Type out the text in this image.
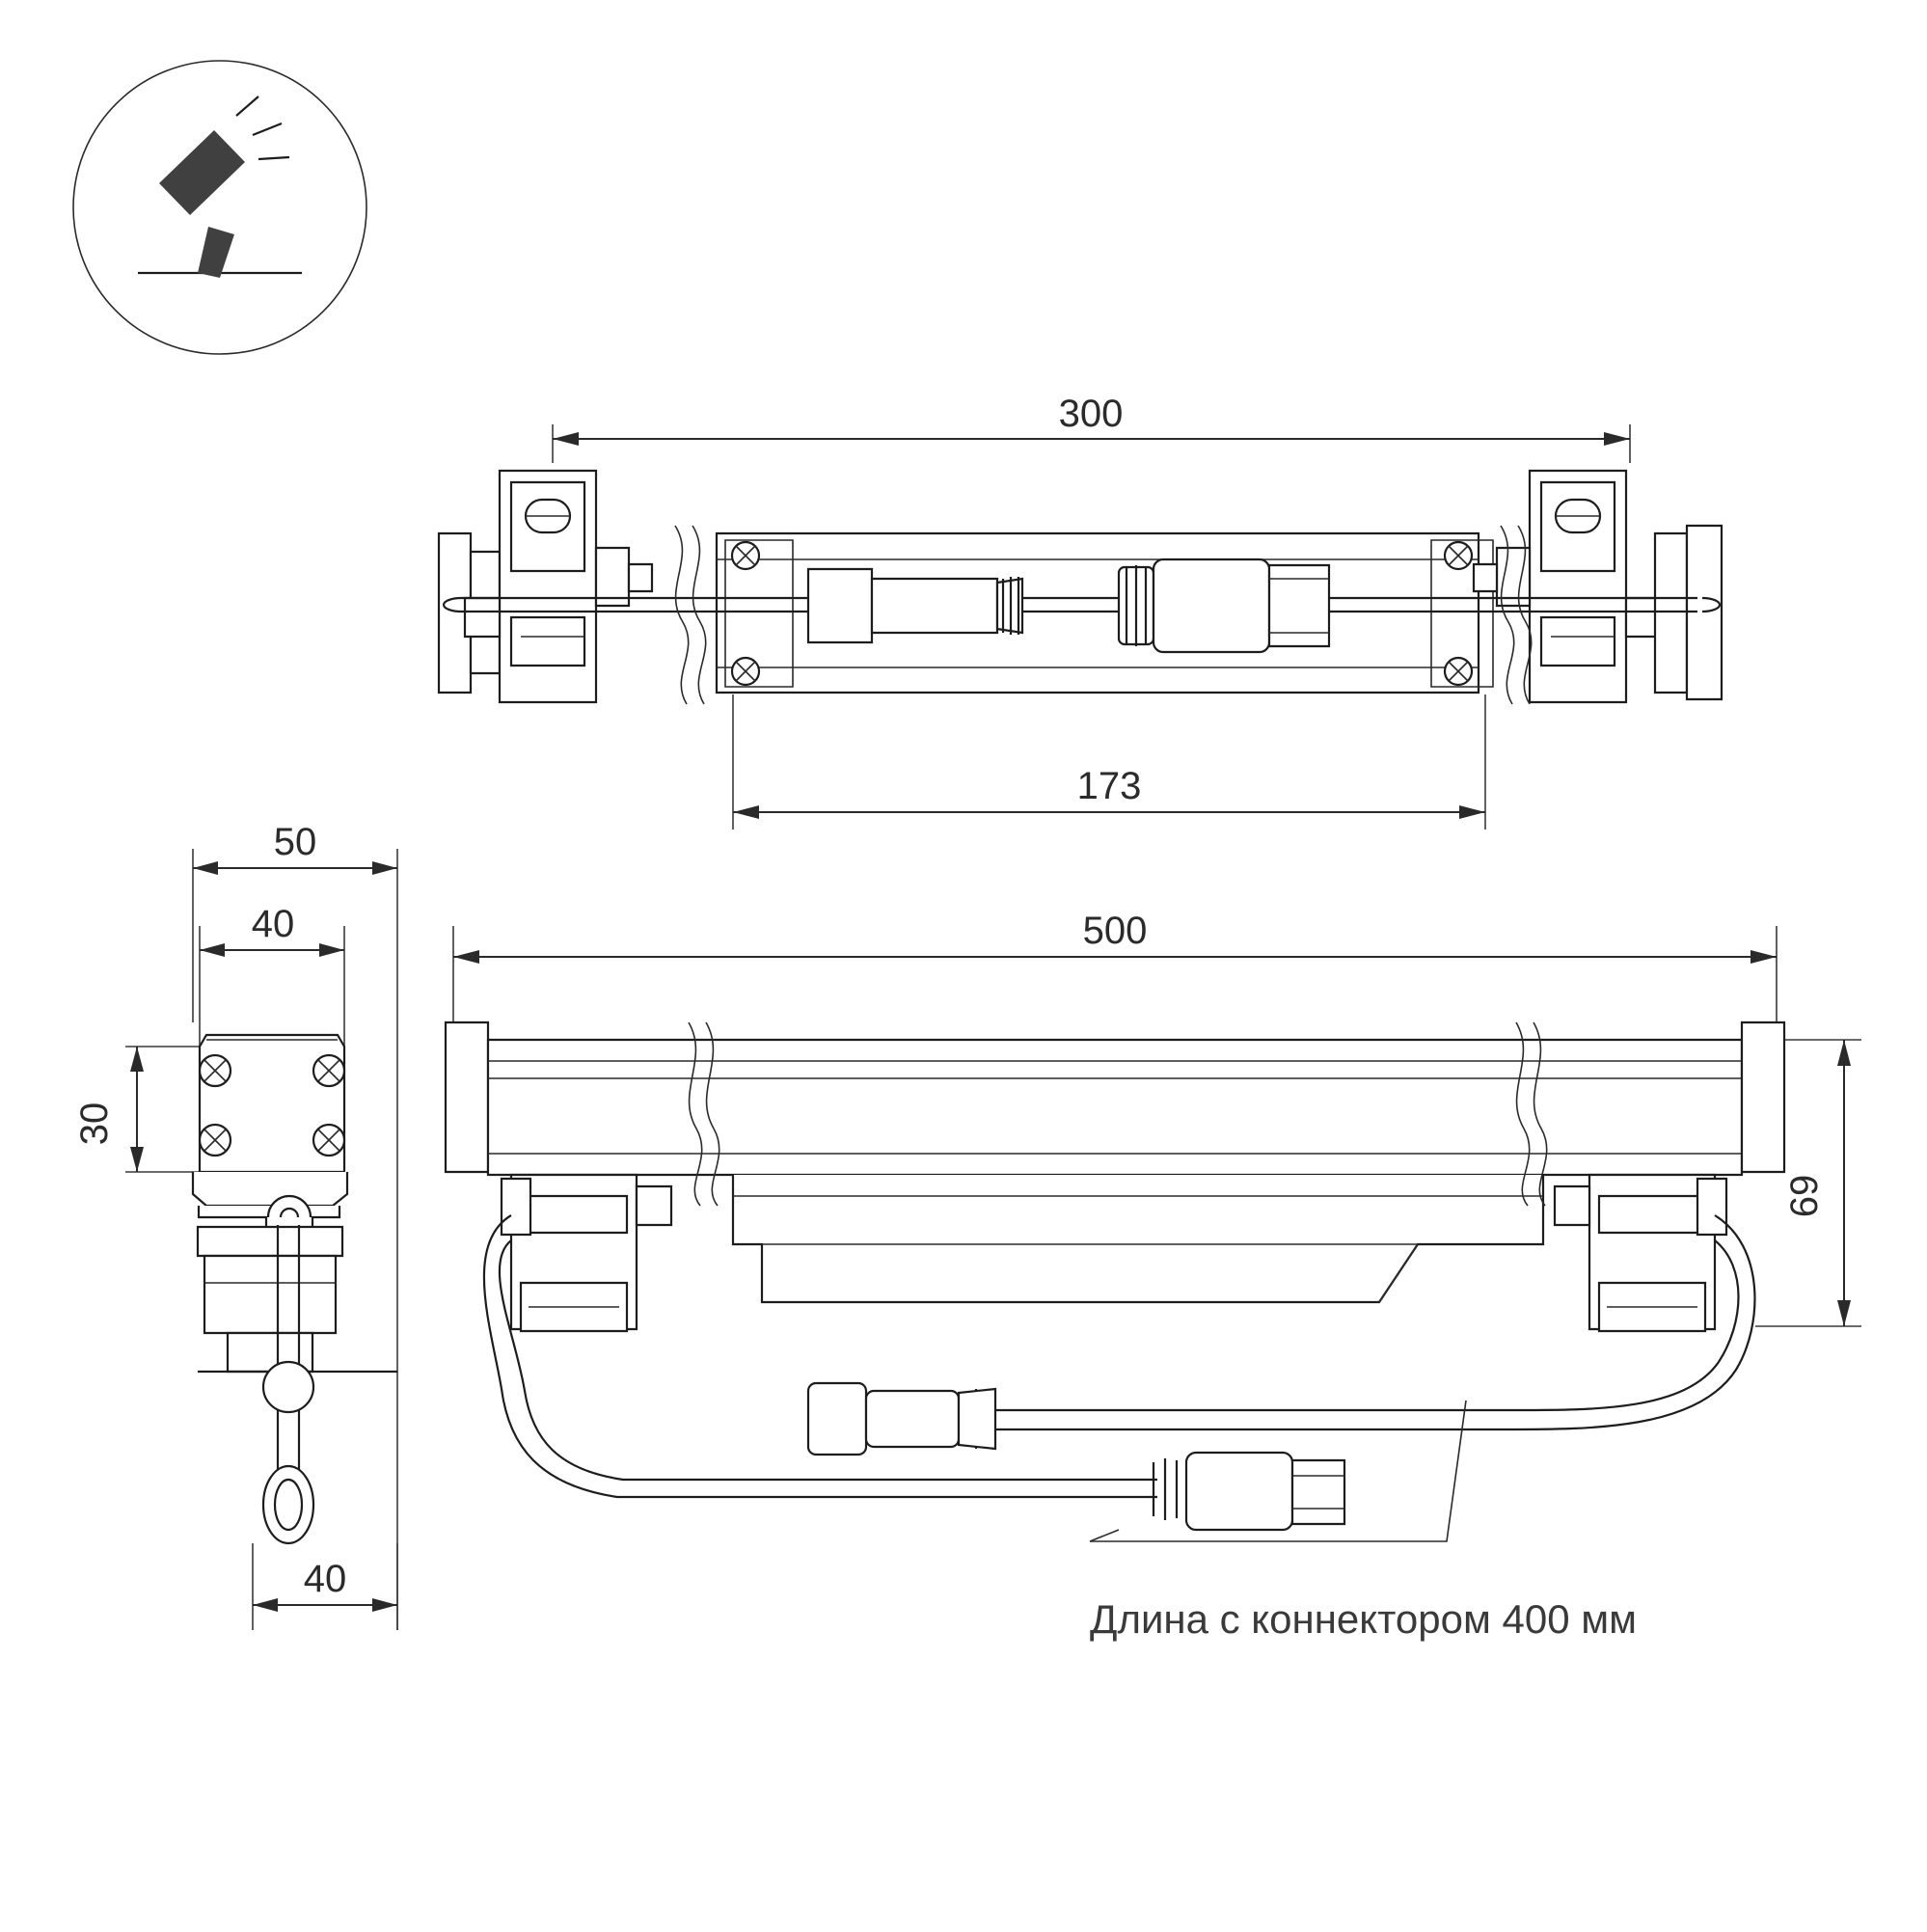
300
173
50
40
30
40
500
69
Длина с коннектором 400 мм
